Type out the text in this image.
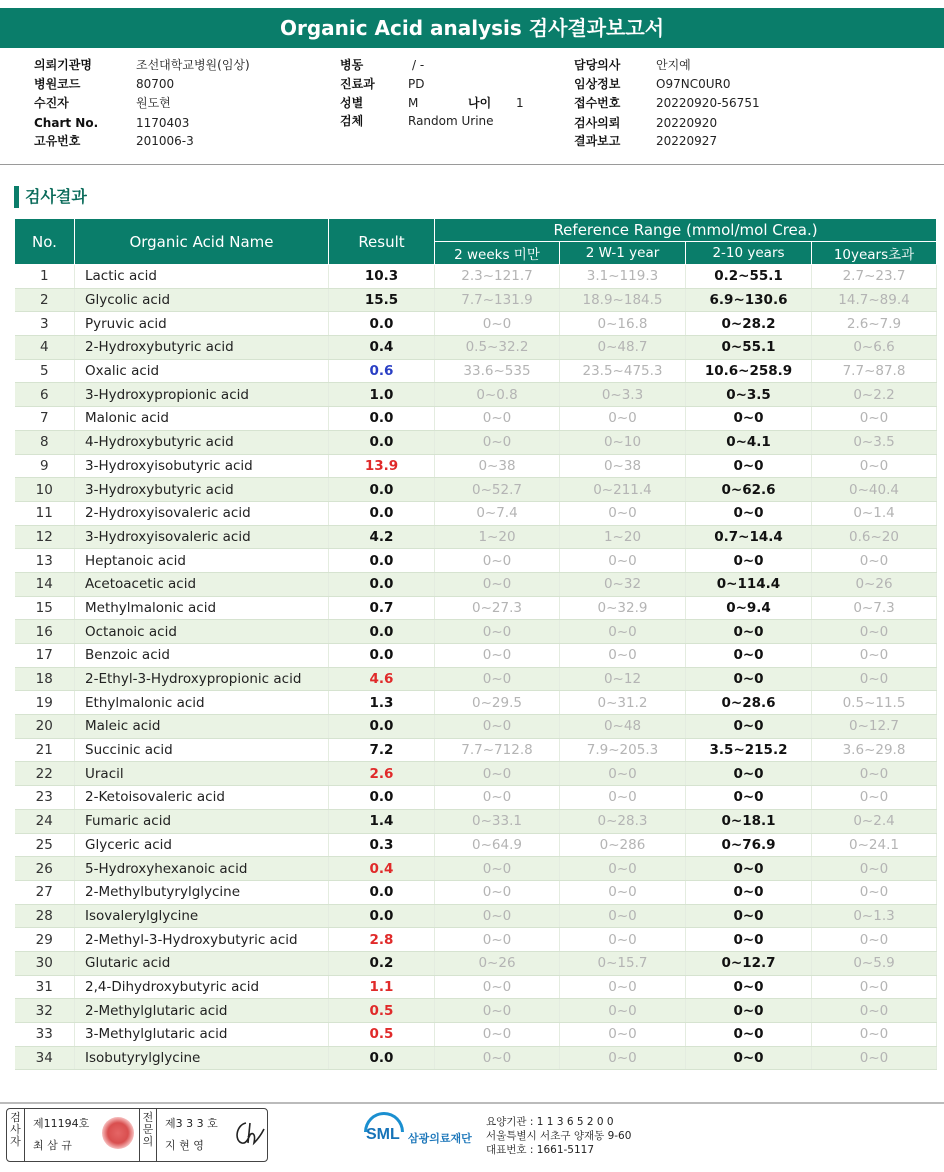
Organic Acid analysis 검사결과보고서
의뢰기관명	조선대학교병원(임상)
병원코드	80700
수진자	원도현
Chart No.	1170403
고유번호	201006-3
병동	/ -
진료과	PD
성별	M	나이 1
검체	Random Urine
담당의사	안지예
임상정보	O97NC0UR0
접수번호	20220920-56751
검사의뢰	20220920
결과보고	20220927
검사결과
No.	Organic Acid Name	Result	Reference Range (mmol/mol Crea.)			
			2 weeks 미만	2 W-1 year	2-10 years	10years초과
1	Lactic acid	10.3	2.3~121.7	3.1~119.3	0.2~55.1	2.7~23.7
2	Glycolic acid	15.5	7.7~131.9	18.9~184.5	6.9~130.6	14.7~89.4
3	Pyruvic acid	0.0	0~0	0~16.8	0~28.2	2.6~7.9
4	2-Hydroxybutyric acid	0.4	0.5~32.2	0~48.7	0~55.1	0~6.6
5	Oxalic acid	0.6	33.6~535	23.5~475.3	10.6~258.9	7.7~87.8
6	3-Hydroxypropionic acid	1.0	0~0.8	0~3.3	0~3.5	0~2.2
7	Malonic acid	0.0	0~0	0~0	0~0	0~0
8	4-Hydroxybutyric acid	0.0	0~0	0~10	0~4.1	0~3.5
9	3-Hydroxyisobutyric acid	13.9	0~38	0~38	0~0	0~0
10	3-Hydroxybutyric acid	0.0	0~52.7	0~211.4	0~62.6	0~40.4
11	2-Hydroxyisovaleric acid	0.0	0~7.4	0~0	0~0	0~1.4
12	3-Hydroxyisovaleric acid	4.2	1~20	1~20	0.7~14.4	0.6~20
13	Heptanoic acid	0.0	0~0	0~0	0~0	0~0
14	Acetoacetic acid	0.0	0~0	0~32	0~114.4	0~26
15	Methylmalonic acid	0.7	0~27.3	0~32.9	0~9.4	0~7.3
16	Octanoic acid	0.0	0~0	0~0	0~0	0~0
17	Benzoic acid	0.0	0~0	0~0	0~0	0~0
18	2-Ethyl-3-Hydroxypropionic acid	4.6	0~0	0~12	0~0	0~0
19	Ethylmalonic acid	1.3	0~29.5	0~31.2	0~28.6	0.5~11.5
20	Maleic acid	0.0	0~0	0~48	0~0	0~12.7
21	Succinic acid	7.2	7.7~712.8	7.9~205.3	3.5~215.2	3.6~29.8
22	Uracil	2.6	0~0	0~0	0~0	0~0
23	2-Ketoisovaleric acid	0.0	0~0	0~0	0~0	0~0
24	Fumaric acid	1.4	0~33.1	0~28.3	0~18.1	0~2.4
25	Glyceric acid	0.3	0~64.9	0~286	0~76.9	0~24.1
26	5-Hydroxyhexanoic acid	0.4	0~0	0~0	0~0	0~0
27	2-Methylbutyrylglycine	0.0	0~0	0~0	0~0	0~0
28	Isovalerylglycine	0.0	0~0	0~0	0~0	0~1.3
29	2-Methyl-3-Hydroxybutyric acid	2.8	0~0	0~0	0~0	0~0
30	Glutaric acid	0.2	0~26	0~15.7	0~12.7	0~5.9
31	2,4-Dihydroxybutyric acid	1.1	0~0	0~0	0~0	0~0
32	2-Methylglutaric acid	0.5	0~0	0~0	0~0	0~0
33	3-Methylglutaric acid	0.5	0~0	0~0	0~0	0~0
34	Isobutyrylglycine	0.0	0~0	0~0	0~0	0~0
검
사
자
제11194호
최 삼 규
전
문
의
제3 3 3 호
지 현 영
SML 삼광의료재단
요양기관 : 1 1 3 6 5 2 0 0
서울특별시 서초구 양재동 9-60
대표번호 : 1661-5117
